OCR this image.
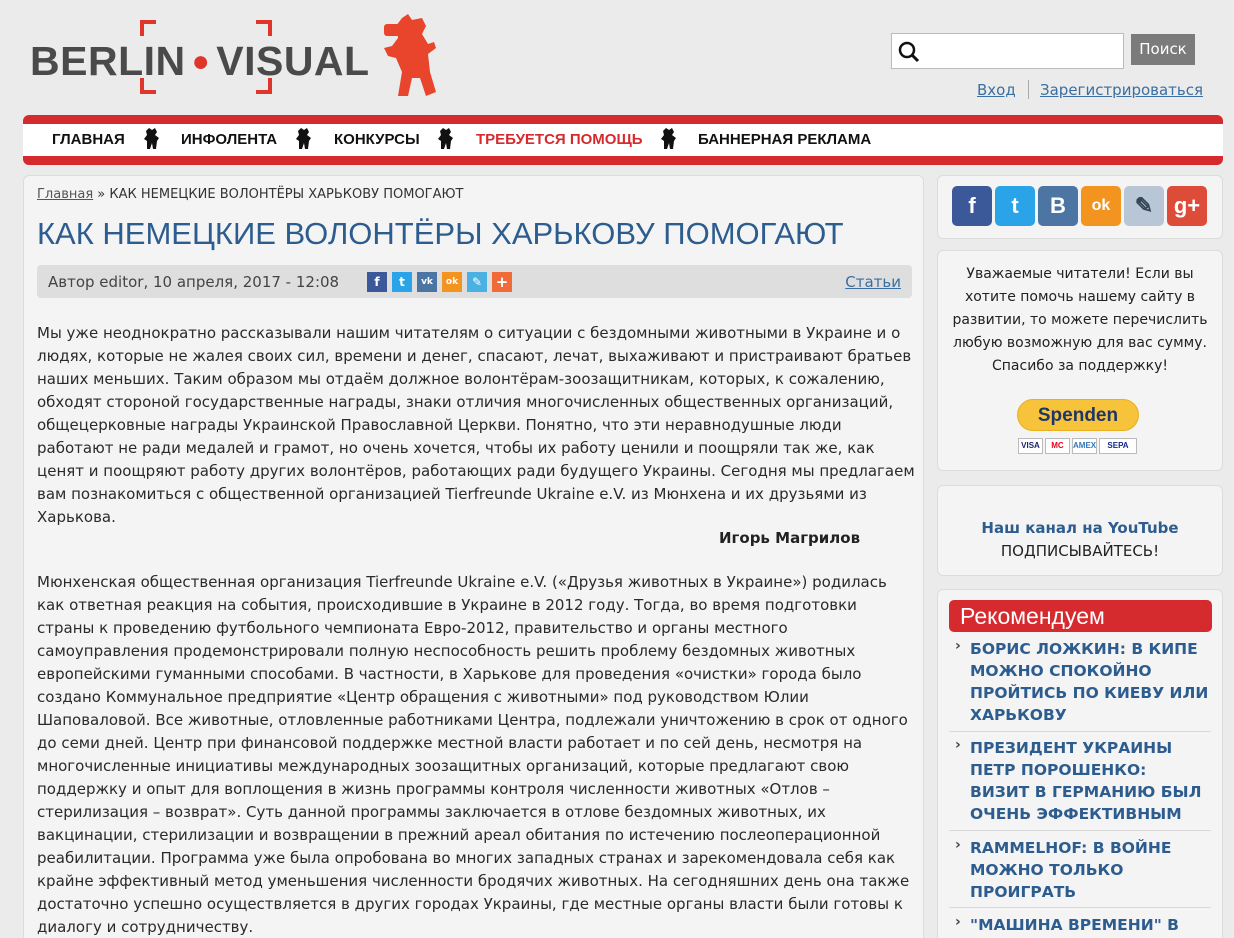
BERLIN ● VISUAL	Поиск
Вход Зарегистрироваться
ГЛАВНАЯ	ИНФОЛЕНТА	КОНКУРСЫ	ТРЕБУЕТСЯ ПОМОЩЬ	БАННЕРНАЯ РЕКЛАМА
Главная » КАК НЕМЕЦКИЕ ВОЛОНТЁРЫ ХАРЬКОВУ ПОМОГАЮТ
КАК НЕМЕЦКИЕ ВОЛОНТЁРЫ ХАРЬКОВУ ПОМОГАЮТ
Автор editor, 10 апреля, 2017 - 12:08	f	t	vk	ok	✎ +	Статьи

Мы уже неоднократно рассказывали нашим читателям о ситуации с бездомными животными в Украине и о людях, которые не жалея своих сил, времени и денег, спасают, лечат, выхаживают и пристраивают братьев наших меньших. Таким образом мы отдаём должное волонтёрам-зоозащитникам, которых, к сожалению, обходят стороной государственные награды, знаки отличия многочисленных общественных организаций, общецерковные награды Украинской Православной Церкви. Понятно, что эти неравнодушные люди работают не ради медалей и грамот, но очень хочется, чтобы их работу ценили и поощряли так же, как ценят и поощряют работу других волонтёров, работающих ради будущего Украины. Сегодня мы предлагаем вам познакомиться с общественной организацией Tierfreunde Ukraine e.V. из Мюнхена и их друзьями из Харькова.

Игорь Магрилов

Мюнхенская общественная организация Tierfreunde Ukraine e.V. («Друзья животных в Украине») родилась как ответная реакция на события, происходившие в Украине в 2012 году. Тогда, во время подготовки страны к проведению футбольного чемпионата Евро-2012, правительство и органы местного самоуправления продемонстрировали полную неспособность решить проблему бездомных животных европейскими гуманными способами. В частности, в Харькове для проведения «очистки» города было создано Коммунальное предприятие «Центр обращения с животными» под руководством Юлии Шаповаловой. Все животные, отловленные работниками Центра, подлежали уничтожению в срок от одного до семи дней. Центр при финансовой поддержке местной власти работает и по сей день, несмотря на многочисленные инициативы международных зоозащитных организаций, которые предлагают свою поддержку и опыт для воплощения в жизнь программы контроля численности животных «Отлов – стерилизация – возврат». Суть данной программы заключается в отлове бездомных животных, их вакцинации, стерилизации и возвращении в прежний ареал обитания по истечению послеоперационной реабилитации. Программа уже была опробована во многих западных странах и зарекомендовала себя как крайне эффективный метод уменьшения численности бродячих животных. На сегодняшних день она также достаточно успешно осуществляется в других городах Украины, где местные органы власти были готовы к диалогу и сотрудничеству.

f	t	B	ok	✎ g+

Уважаемые читатели! Если вы хотите помочь нашему сайту в развитии, то можете перечислить любую возможную для вас сумму. Спасибо за поддержку!

Spenden
VISA	MC	AMEX	SEPA
Наш канал на YouTube
ПОДПИСЫВАЙТЕСЬ!
Рекомендуем
› БОРИС ЛОЖКИН: В КИПЕ МОЖНО СПОКОЙНО ПРОЙТИСЬ ПО КИЕВУ ИЛИ ХАРЬКОВУ
› ПРЕЗИДЕНТ УКРАИНЫ ПЕТР ПОРОШЕНКО: ВИЗИТ В ГЕРМАНИЮ БЫЛ ОЧЕНЬ ЭФФЕКТИВНЫМ
› RAMMELHOF: В ВОЙНЕ МОЖНО ТОЛЬКО ПРОИГРАТЬ
› "МАШИНА ВРЕМЕНИ" В
